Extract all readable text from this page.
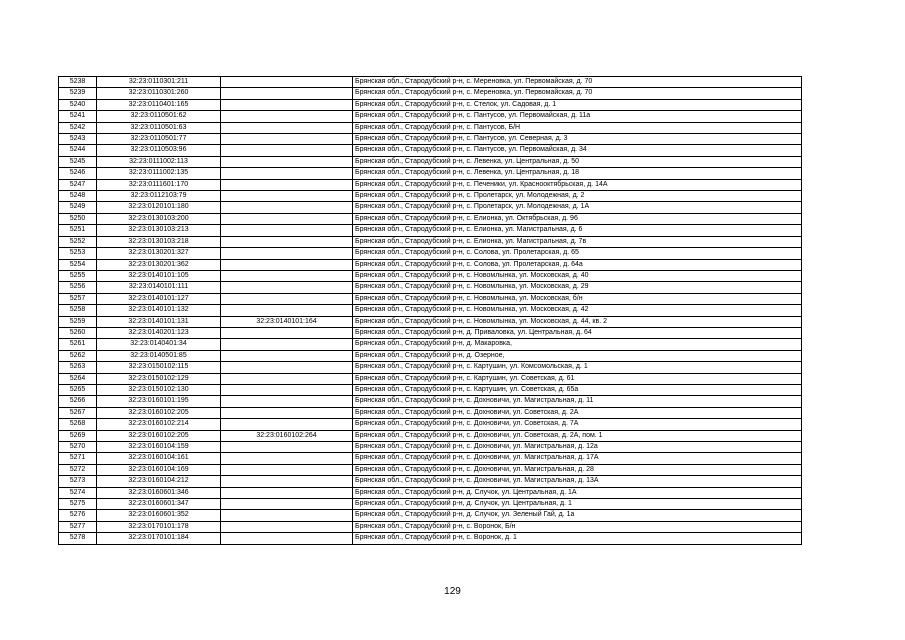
5238	32:23:0110301:211		Брянская обл., Стародубский р-н, с. Мереновка, ул. Первомайская, д. 70
5239	32:23:0110301:260		Брянская обл., Стародубский р-н, с. Мереновка, ул. Первомайская, д. 70
5240	32:23:0110401:165		Брянская обл., Стародубский р-н, с. Стелок, ул. Садовая, д. 1
5241	32:23:0110501:62		Брянская обл., Стародубский р-н, с. Пантусов, ул. Первомайская, д. 11а
5242	32:23:0110501:63		Брянская обл., Стародубский р-н, с. Пантусов, Б/Н
5243	32:23:0110501:77		Брянская обл., Стародубский р-н, с. Пантусов, ул. Северная, д. 3
5244	32:23:0110503:96		Брянская обл., Стародубский р-н, с. Пантусов, ул. Первомайская, д. 34
5245	32:23:0111002:113		Брянская обл., Стародубский р-н, с. Левенка, ул. Центральная, д. 50
5246	32:23:0111002:135		Брянская обл., Стародубский р-н, с. Левенка, ул. Центральная, д. 18
5247	32:23:0111601:170		Брянская обл., Стародубский р-н, с. Печеники, ул. Краснооктябрьская, д. 14А
5248	32:23:0112103:79		Брянская обл., Стародубский р-н, с. Пролетарск, ул. Молодежная, д. 2
5249	32:23:0120101:180		Брянская обл., Стародубский р-н, с. Пролетарск, ул. Молодежная, д. 1А
5250	32:23:0130103:200		Брянская обл., Стародубский р-н, с. Елионка, ул. Октябрьская, д. 96
5251	32:23:0130103:213		Брянская обл., Стародубский р-н, с. Елионка, ул. Магистральная, д. 6
5252	32:23:0130103:218		Брянская обл., Стародубский р-н, с. Елионка, ул. Магистральная, д. 7в
5253	32:23:0130201:327		Брянская обл., Стародубский р-н, с. Солова, ул. Пролетарская, д. 65
5254	32:23:0130201:362		Брянская обл., Стародубский р-н, с. Солова, ул. Пролетарская, д. 64а
5255	32:23:0140101:105		Брянская обл., Стародубский р-н, с. Новомлынка, ул. Московская, д. 40
5256	32:23:0140101:111		Брянская обл., Стародубский р-н, с. Новомлынка, ул. Московская, д. 29
5257	32:23:0140101:127		Брянская обл., Стародубский р-н, с. Новомлынка, ул. Московская, б/н
5258	32:23:0140101:132		Брянская обл., Стародубский р-н, с. Новомлынка, ул. Московская, д. 42
5259	32:23:0140101:131	32:23:0140101:164	Брянская обл., Стародубский р-н, с. Новомлынка, ул. Московская, д. 44, кв. 2
5260	32:23:0140201:123		Брянская обл., Стародубский р-н, д. Приваловка, ул. Центральная, д. 64
5261	32:23:0140401:34		Брянская обл., Стародубский р-н, д. Макаровка,
5262	32:23:0140501:85		Брянская обл., Стародубский р-н, д. Озерное,
5263	32:23:0150102:115		Брянская обл., Стародубский р-н, с. Картушин, ул. Комсомольская, д. 1
5264	32:23:0150102:129		Брянская обл., Стародубский р-н, с. Картушин, ул. Советская, д. 61
5265	32:23:0150102:130		Брянская обл., Стародубский р-н, с. Картушин, ул. Советская, д. 65а
5266	32:23:0160101:195		Брянская обл., Стародубский р-н, с. Дохновичи, ул. Магистральная, д. 11
5267	32:23:0160102:205		Брянская обл., Стародубский р-н, с. Дохновичи, ул. Советская, д. 2А
5268	32:23:0160102:214		Брянская обл., Стародубский р-н, с. Дохновичи, ул. Советская, д. 7А
5269	32:23:0160102:205	32:23:0160102:264	Брянская обл., Стародубский р-н, с. Дохновичи, ул. Советская, д. 2А, пом. 1
5270	32:23:0160104:159		Брянская обл., Стародубский р-н, с. Дохновичи, ул. Магистральная, д. 12а
5271	32:23:0160104:161		Брянская обл., Стародубский р-н, с. Дохновичи, ул. Магистральная, д. 17А
5272	32:23:0160104:169		Брянская обл., Стародубский р-н, с. Дохновичи, ул. Магистральная, д. 28
5273	32:23:0160104:212		Брянская обл., Стародубский р-н, с. Дохновичи, ул. Магистральная, д. 13А
5274	32:23:0160601:346		Брянская обл., Стародубский р-н, д. Случок, ул. Центральная, д. 1А
5275	32:23:0160601:347		Брянская обл., Стародубский р-н, д. Случок, ул. Центральная, д. 1
5276	32:23:0160601:352		Брянская обл., Стародубский р-н, д. Случок, ул. Зеленый Гай, д. 1а
5277	32:23:0170101:178		Брянская обл., Стародубский р-н, с. Воронок, Б/н
5278	32:23:0170101:184		Брянская обл., Стародубский р-н, с. Воронок, д. 1
129
